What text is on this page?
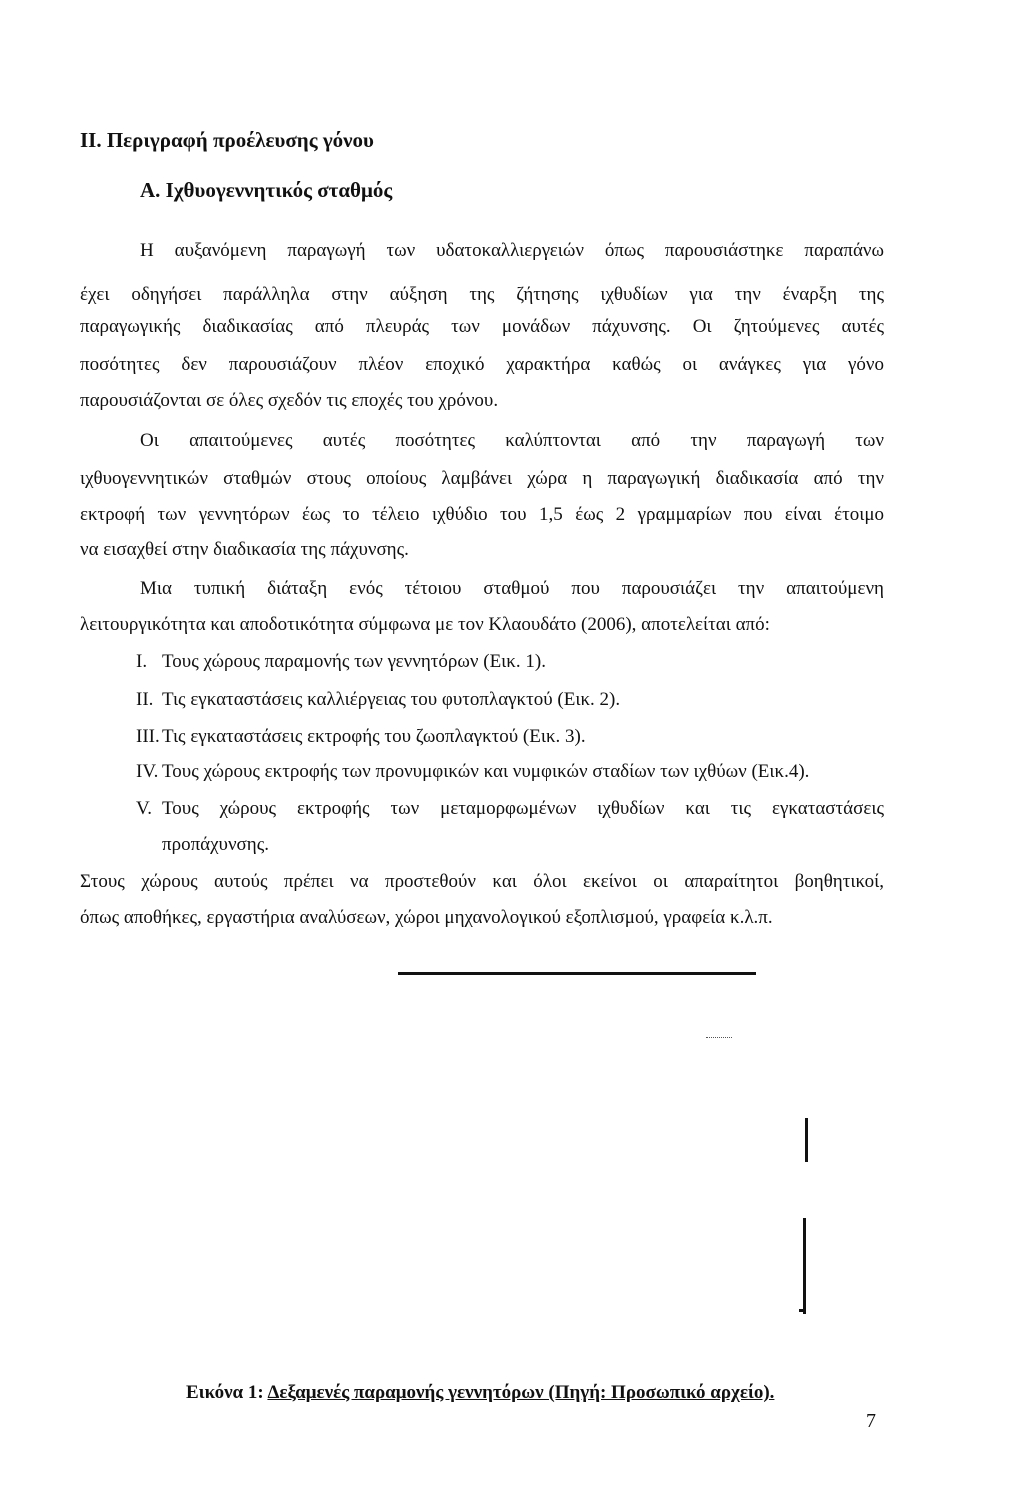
II. Περιγραφή προέλευσης γόνου
Α. Ιχθυογεννητικός σταθμός
Η αυξανόμενη παραγωγή των υδατοκαλλιεργειών όπως παρουσιάστηκε παραπάνω
έχει οδηγήσει παράλληλα στην αύξηση της ζήτησης ιχθυδίων για την έναρξη της
παραγωγικής διαδικασίας από πλευράς των μονάδων πάχυνσης. Οι ζητούμενες αυτές
ποσότητες δεν παρουσιάζουν πλέον εποχικό χαρακτήρα καθώς οι ανάγκες για γόνο
παρουσιάζονται σε όλες σχεδόν τις εποχές του χρόνου.
Οι απαιτούμενες αυτές ποσότητες καλύπτονται από την παραγωγή των
ιχθυογεννητικών σταθμών στους οποίους λαμβάνει χώρα η παραγωγική διαδικασία από την
εκτροφή των γεννητόρων έως το τέλειο ιχθύδιο του 1,5 έως 2 γραμμαρίων που είναι έτοιμο
να εισαχθεί στην διαδικασία της πάχυνσης.
Μια τυπική διάταξη ενός τέτοιου σταθμού που παρουσιάζει την απαιτούμενη
λειτουργικότητα και αποδοτικότητα σύμφωνα με τον Κλαουδάτο (2006), αποτελείται από:
I. Τους χώρους παραμονής των γεννητόρων (Εικ. 1).
II. Τις εγκαταστάσεις καλλιέργειας του φυτοπλαγκτού (Εικ. 2).
III. Τις εγκαταστάσεις εκτροφής του ζωοπλαγκτού (Εικ. 3).
IV. Τους χώρους εκτροφής των προνυμφικών και νυμφικών σταδίων των ιχθύων (Εικ.4).
V. Τους χώρους εκτροφής των μεταμορφωμένων ιχθυδίων και τις εγκαταστάσεις
προπάχυνσης.
Στους χώρους αυτούς πρέπει να προστεθούν και όλοι εκείνοι οι απαραίτητοι βοηθητικοί,
όπως αποθήκες, εργαστήρια αναλύσεων, χώροι μηχανολογικού εξοπλισμού, γραφεία κ.λ.π.
Εικόνα 1: Δεξαμενές παραμονής γεννητόρων (Πηγή: Προσωπικό αρχείο).
7
